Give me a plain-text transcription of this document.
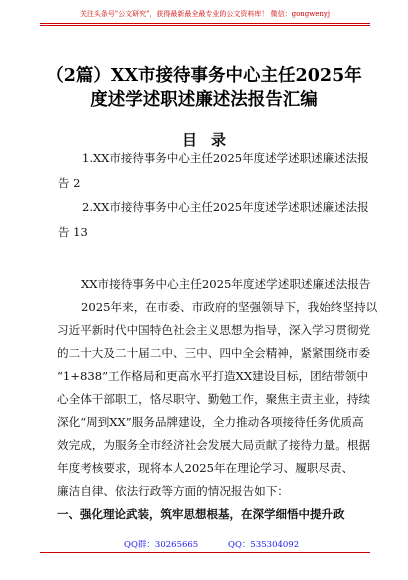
关注头条号"公文研究"，获得最新最全最专业的公文资料库！ 微信：gongwenyj
（2篇）XX市接待事务中心主任2025年
度述学述职述廉述法报告汇编
目录
1.XX市接待事务中心主任2025年度述学述职述廉述法报
告 2
2.XX市接待事务中心主任2025年度述学述职述廉述法报
告 13
XX市接待事务中心主任2025年度述学述职述廉述法报告
2025年来，在市委、市政府的坚强领导下，我始终坚持以
习近平新时代中国特色社会主义思想为指导，深入学习贯彻党
的二十大及二十届二中、三中、四中全会精神，紧紧围绕市委
“1+838”工作格局和更高水平打造XX建设目标，团结带领中
心全体干部职工，恪尽职守、勤勉工作，聚焦主责主业，持续
深化“周到XX”服务品牌建设，全力推动各项接待任务优质高
效完成，为服务全市经济社会发展大局贡献了接待力量。根据
年度考核要求，现将本人2025年在理论学习、履职尽责、
廉洁自律、依法行政等方面的情况报告如下：
一、强化理论武装，筑牢思想根基，在深学细悟中提升政
QQ群：30265665	QQ：535304092
